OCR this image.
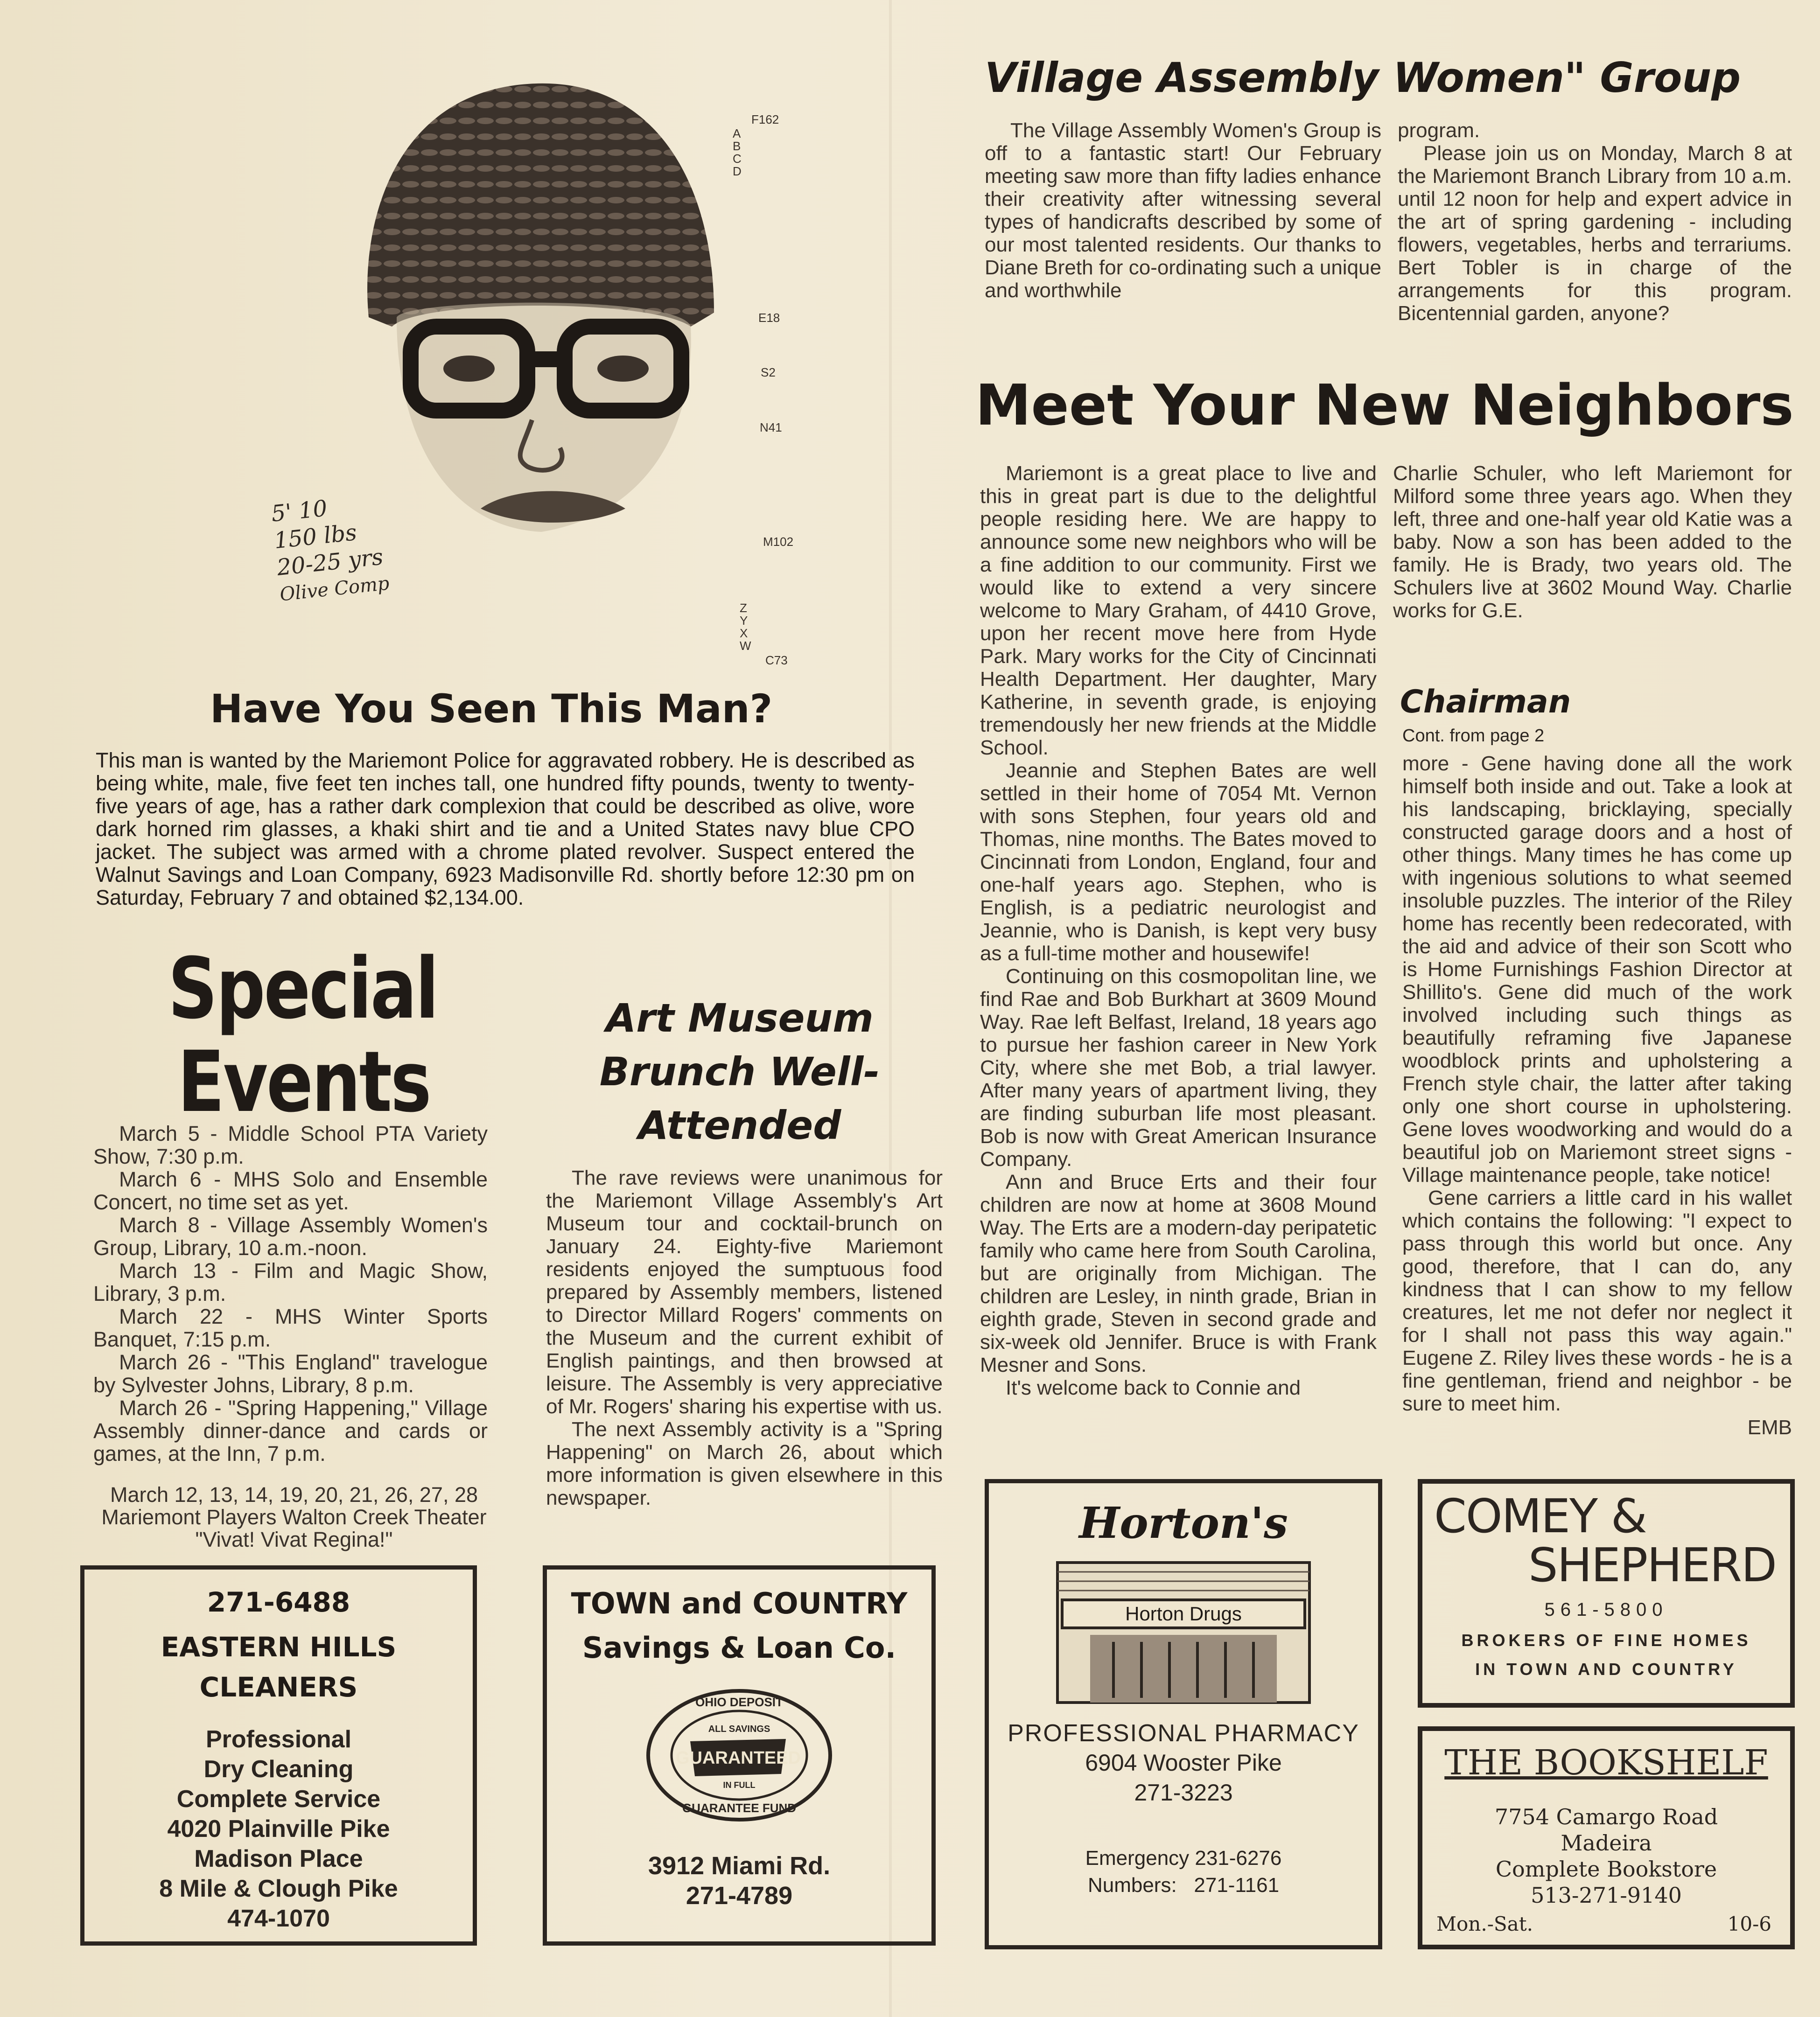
F162
A
B
C
D
E18
S2
N41
M102
Z
Y
X
W
C73
5' 10
150 lbs
20-25 yrs
Olive Comp
Have You Seen This Man?

This man is wanted by the Mariemont Police for aggravated robbery. He is described as being white, male, five feet ten inches tall, one hundred fifty pounds, twenty to twenty-five years of age, has a rather dark complexion that could be described as olive, wore dark horned rim glasses, a khaki shirt and tie and a United States navy blue CPO jacket. The subject was armed with a chrome plated revolver. Suspect entered the Walnut Savings and Loan Company, 6923 Madisonville Rd. shortly before 12:30 pm on Saturday, February 7 and obtained $2,134.00.

Village Assembly Women" Group

The Village Assembly Women's Group is off to a fantastic start! Our February meeting saw more than fifty ladies enhance their creativity after witnessing several types of handicrafts described by some of our most talented residents. Our thanks to Diane Breth for co-ordinating such a unique and worthwhile

program.

Please join us on Monday, March 8 at the Mariemont Branch Library from 10 a.m. until 12 noon for help and expert advice in the art of spring gardening - including flowers, vegetables, herbs and terrariums. Bert Tobler is in charge of the arrangements for this program. Bicentennial garden, anyone?

Meet Your New Neighbors

Mariemont is a great place to live and this in great part is due to the delightful people residing here. We are happy to announce some new neighbors who will be a fine addition to our community. First we would like to extend a very sincere welcome to Mary Graham, of 4410 Grove, upon her recent move here from Hyde Park. Mary works for the City of Cincinnati Health Department. Her daughter, Mary Katherine, in seventh grade, is enjoying tremendously her new friends at the Middle School.

Jeannie and Stephen Bates are well settled in their home of 7054 Mt. Vernon with sons Stephen, four years old and Thomas, nine months. The Bates moved to Cincinnati from London, England, four and one-half years ago. Stephen, who is English, is a pediatric neurologist and Jeannie, who is Danish, is kept very busy as a full-time mother and housewife!

Continuing on this cosmopolitan line, we find Rae and Bob Burkhart at 3609 Mound Way. Rae left Belfast, Ireland, 18 years ago to pursue her fashion career in New York City, where she met Bob, a trial lawyer. After many years of apartment living, they are finding suburban life most pleasant. Bob is now with Great American Insurance Company.

Ann and Bruce Erts and their four children are now at home at 3608 Mound Way. The Erts are a modern-day peripatetic family who came here from South Carolina, but are originally from Michigan. The children are Lesley, in ninth grade, Brian in eighth grade, Steven in second grade and six-week old Jennifer. Bruce is with Frank Mesner and Sons.

It's welcome back to Connie and

Charlie Schuler, who left Mariemont for Milford some three years ago. When they left, three and one-half year old Katie was a baby. Now a son has been added to the family. He is Brady, two years old. The Schulers live at 3602 Mound Way. Charlie works for G.E.

Chairman
Cont. from page 2

more - Gene having done all the work himself both inside and out. Take a look at his landscaping, bricklaying, specially constructed garage doors and a host of other things. Many times he has come up with ingenious solutions to what seemed insoluble puzzles. The interior of the Riley home has recently been redecorated, with the aid and advice of their son Scott who is Home Furnishings Fashion Director at Shillito's. Gene did much of the work involved including such things as beautifully reframing five Japanese woodblock prints and upholstering a French style chair, the latter after taking only one short course in upholstering. Gene loves woodworking and would do a beautiful job on Mariemont street signs - Village maintenance people, take notice!

Gene carriers a little card in his wallet which contains the following: "I expect to pass through this world but once. Any good, therefore, that I can do, any kindness that I can show to my fellow creatures, let me not defer nor neglect it for I shall not pass this way again." Eugene Z. Riley lives these words - he is a fine gentleman, friend and neighbor - be sure to meet him.

EMB

Special
Events

March 5 - Middle School PTA Variety Show, 7:30 p.m.

March 6 - MHS Solo and Ensemble Concert, no time set as yet.

March 8 - Village Assembly Women's Group, Library, 10 a.m.-noon.

March 13 - Film and Magic Show, Library, 3 p.m.

March 22 - MHS Winter Sports Banquet, 7:15 p.m.

March 26 - "This England" travelogue by Sylvester Johns, Library, 8 p.m.

March 26 - "Spring Happening," Village Assembly dinner-dance and cards or games, at the Inn, 7 p.m.

March 12, 13, 14, 19, 20, 21, 26, 27, 28
Mariemont Players Walton Creek Theater
"Vivat! Vivat Regina!"
Art Museum
Brunch Well-
Attended

The rave reviews were unanimous for the Mariemont Village Assembly's Art Museum tour and cocktail-brunch on January 24. Eighty-five Mariemont residents enjoyed the sumptuous food prepared by Assembly members, listened to Director Millard Rogers' comments on the Museum and the current exhibit of English paintings, and then browsed at leisure. The Assembly is very appreciative of Mr. Rogers' sharing his expertise with us.

The next Assembly activity is a "Spring Happening" on March 26, about which more information is given elsewhere in this newspaper.

271-6488
EASTERN HILLS
CLEANERS
Professional
Dry Cleaning
Complete Service
4020 Plainville Pike
Madison Place
8 Mile & Clough Pike
474-1070
TOWN and COUNTRY
Savings & Loan Co.
OHIO DEPOSIT
GUARANTEE FUND
ALL SAVINGS
GUARANTEED
IN FULL
3912 Miami Rd.
271-4789
Horton's
Horton Drugs
PROFESSIONAL PHARMACY
6904 Wooster Pike
271-3223
Emergency 231-6276
Numbers: 271-1161
COMEY &
SHEPHERD
561-5800
BROKERS OF FINE HOMES
IN TOWN AND COUNTRY
THE BOOKSHELF
7754 Camargo Road
Madeira
Complete Bookstore
513-271-9140
Mon.-Sat.	10-6
